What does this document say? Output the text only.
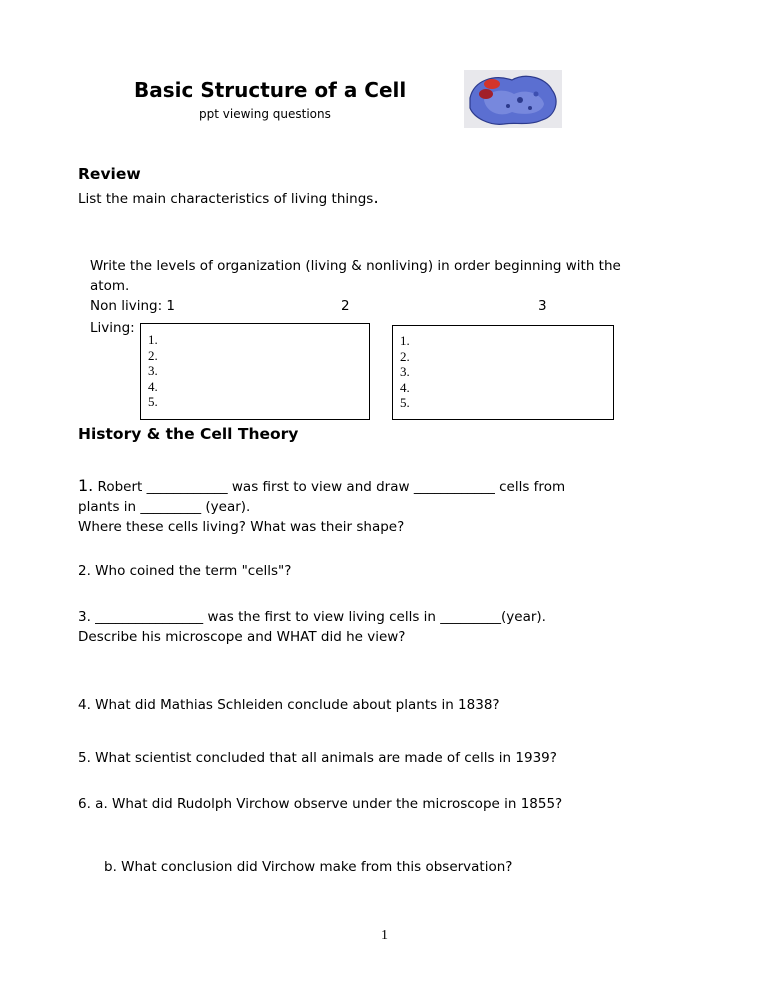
Basic Structure of a Cell
ppt viewing questions
Review
List the main characteristics of living things.
Write the levels of organization (living & nonliving) in order beginning with the
atom.
Non living: 1	2	3
Living:
1.
2.
3.
4.
5.
1.
2.
3.
4.
5.
History & the Cell Theory
1. Robert ____________ was first to view and draw ____________ cells from
plants in _________ (year).
Where these cells living? What was their shape?
2. Who coined the term "cells"?
3. ________________ was the first to view living cells in _________(year).
Describe his microscope and WHAT did he view?
4. What did Mathias Schleiden conclude about plants in 1838?
5. What scientist concluded that all animals are made of cells in 1939?
6. a. What did Rudolph Virchow observe under the microscope in 1855?
b. What conclusion did Virchow make from this observation?
1
